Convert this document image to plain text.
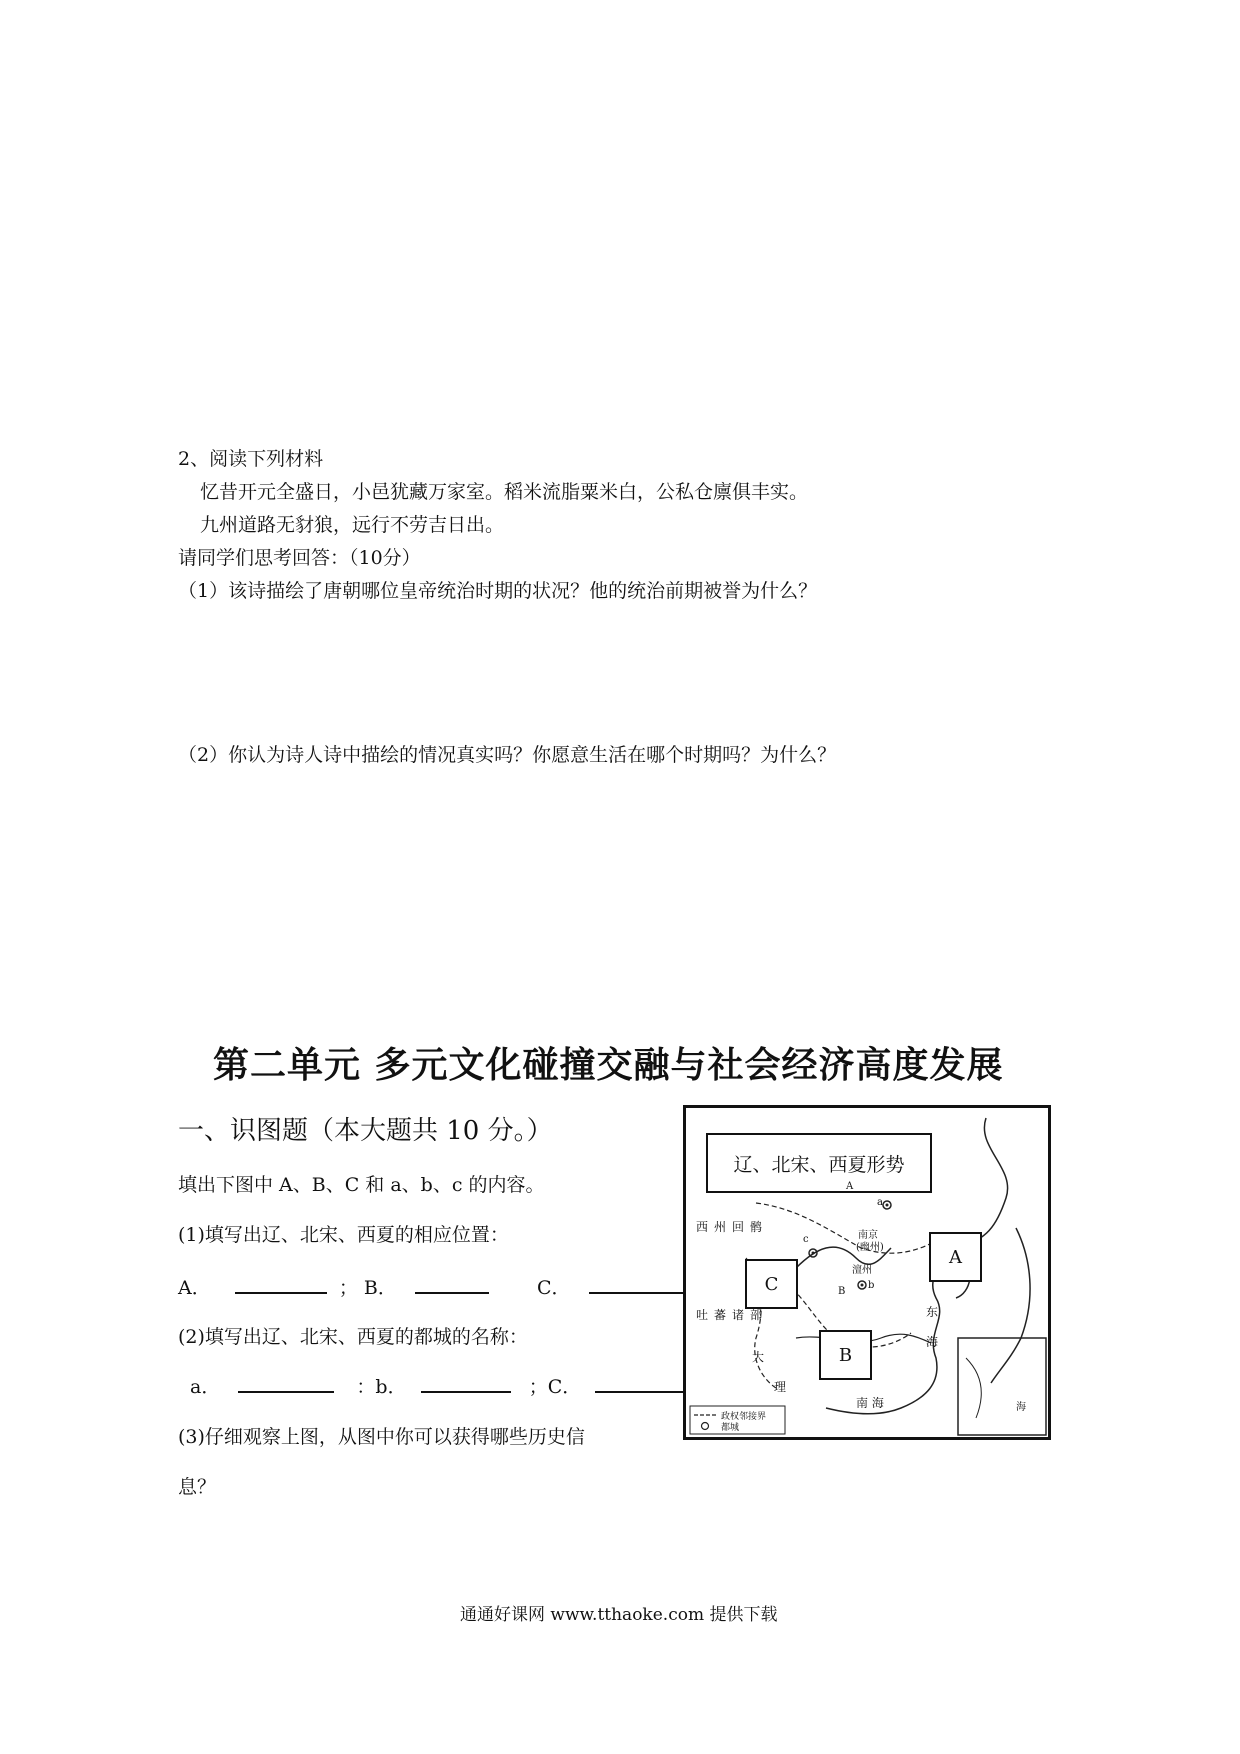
2、阅读下列材料
忆昔开元全盛日，小邑犹藏万家室。稻米流脂粟米白，公私仓廪俱丰实。
九州道路无豺狼，远行不劳吉日出。
请同学们思考回答：（10分）
（1）该诗描绘了唐朝哪位皇帝统治时期的状况？他的统治前期被誉为什么？
（2）你认为诗人诗中描绘的情况真实吗？你愿意生活在哪个时期吗？为什么？
第二单元 多元文化碰撞交融与社会经济高度发展
一、识图题（本大题共 10 分。）
填出下图中 A、B、C 和 a、b、c 的内容。
(1)填写出辽、北宋、西夏的相应位置：
A．	； B．	C．
(2)填写出辽、北宋、西夏的都城的名称：
a．	：b．	；C．
(3)仔细观察上图，从图中你可以获得哪些历史信
息？
辽、北宋、西夏形势
A
C
B
西州回鹘
吐蕃诸部
大
理
南 海
东
海
南京
(幽州)
澶州
A
a
B
b
c
政权邻接界
都城
海
通通好课网 www.tthaoke.com 提供下载
